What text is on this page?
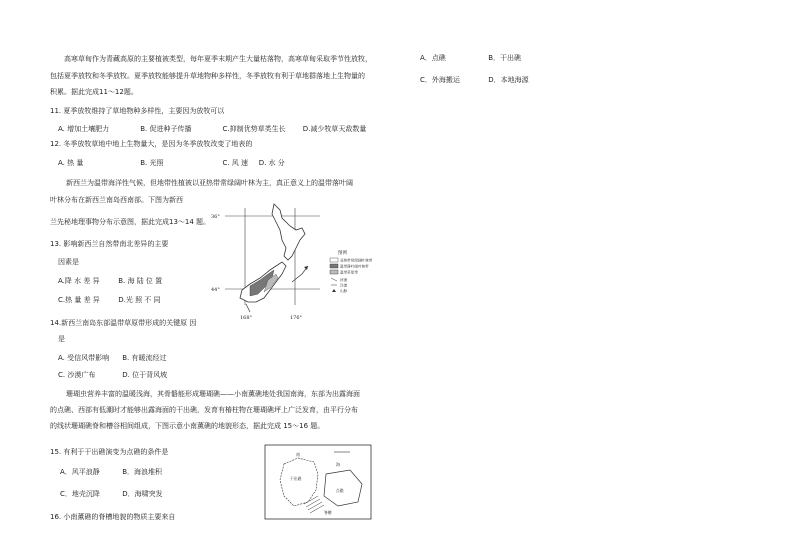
高寒草甸作为青藏高原的主要植被类型，每年夏季末期产生大量枯落物，高寒草甸采取季节性放牧，
包括夏季放牧和冬季放牧。夏季放牧能够提升草地物种多样性，冬季放牧有利于草地群落地上生物量的
积累。据此完成11～12题。
11. 夏季放牧维持了草地物种多样性，主要因为放牧可以
A. 增加土壤肥力	B. 促进种子传播	C.抑制优势草类生长 D.减少牧草天敌数量
12. 冬季放牧草地中地上生物量大，是因为冬季放牧改变了地表的
A. 热 量	B. 光照	C. 风 速 D. 水 分
新西兰为温带海洋性气候，但地带性植被以亚热带常绿阔叶林为主，真正意义上的温带落叶阔
叶林分布在新西兰南岛西南部。下图为新西
兰先秘地理事物分布示意图，据此完成13～14 题。
13. 影响新西兰自然带南北差异的主要
因素是
A.降 水 差 异	B. 海 陆 位 置
C.热 量 差 异	D.光 照 不 同
14.新西兰南岛东部温带草原带形成的关键原 因
是
A. 受信风带影响 B. 有暖流经过
C. 沙漠广布	D. 位于背风坡
珊瑚虫营养丰富的温暖浅海，其骨骼能形成珊瑚礁——小南薰礁地处我国南海，东部为出露海面
的点礁、西部有低潮时才能够出露海面的干出礁，发育有椿柱物在珊瑚礁坪上广泛发育，由平行分布
的线状珊瑚礁脊和槽谷相间组成，下图示意小南薰礁的地貌形态，据此完成 15～16 题。
15. 有利于干出礁演变为点礁的条件是
A．风平浪静	B．海浪堆积
C．地壳沉降	D．海啸突发
16. 小南薰礁的脊槽地貌的物质主要来自
A．点礁	B．干出礁
C．外海搬运	D．本地海源
36°
44°
168°	176°
图例
亚热带常绿阔叶林带
温带落叶阔叶林带
温带草原带
河流
洋流
山脉
南
海
干出礁
点礁
脊槽
